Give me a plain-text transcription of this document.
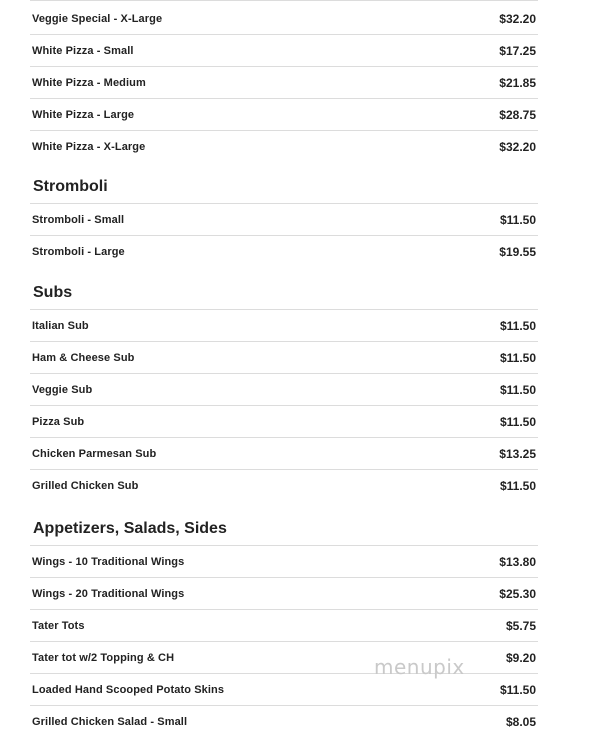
Veggie Special - X-Large	$32.20
White Pizza - Small	$17.25
White Pizza - Medium	$21.85
White Pizza - Large	$28.75
White Pizza - X-Large	$32.20
Stromboli
Stromboli - Small	$11.50
Stromboli - Large	$19.55
Subs
Italian Sub	$11.50
Ham & Cheese Sub	$11.50
Veggie Sub	$11.50
Pizza Sub	$11.50
Chicken Parmesan Sub	$13.25
Grilled Chicken Sub	$11.50
Appetizers, Salads, Sides
Wings - 10 Traditional Wings	$13.80
Wings - 20 Traditional Wings	$25.30
Tater Tots	$5.75
Tater tot w/2 Topping & CH	$9.20
Loaded Hand Scooped Potato Skins	$11.50
Grilled Chicken Salad - Small	$8.05
menupix
